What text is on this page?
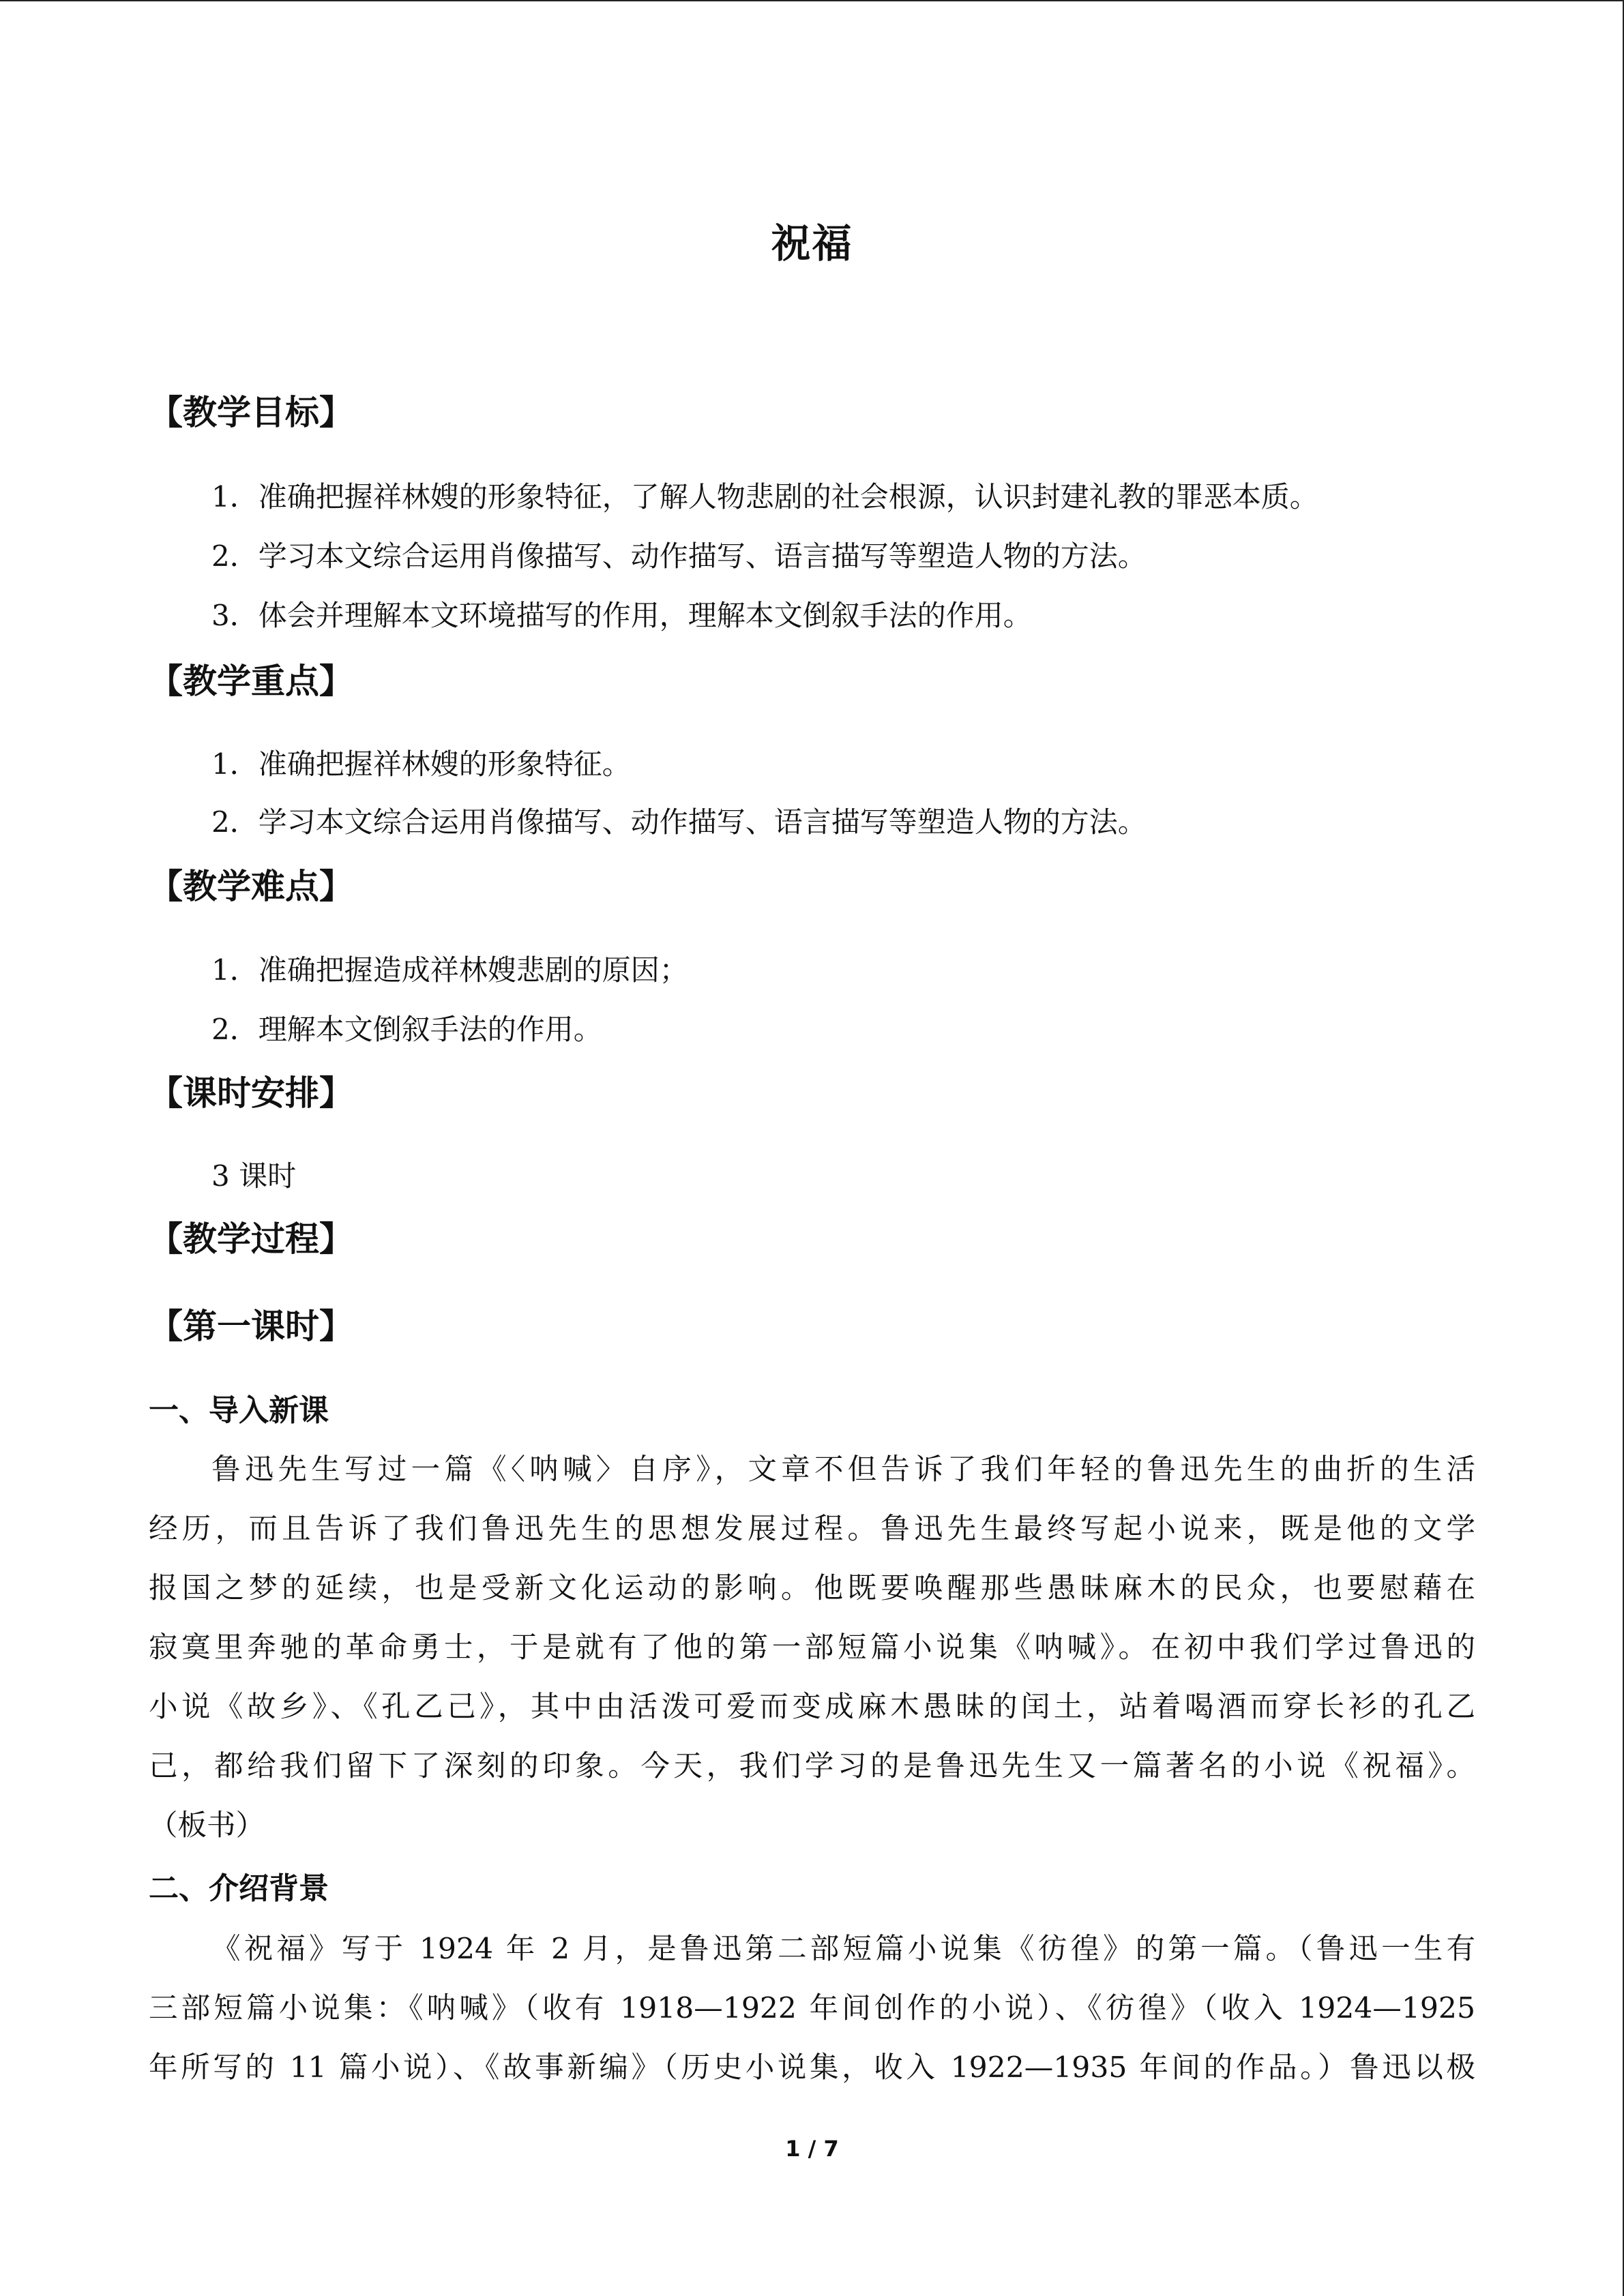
祝福
【教学目标】
1．准确把握祥林嫂的形象特征，了解人物悲剧的社会根源，认识封建礼教的罪恶本质。
2．学习本文综合运用肖像描写、动作描写、语言描写等塑造人物的方法。
3．体会并理解本文环境描写的作用，理解本文倒叙手法的作用。
【教学重点】
1．准确把握祥林嫂的形象特征。
2．学习本文综合运用肖像描写、动作描写、语言描写等塑造人物的方法。
【教学难点】
1．准确把握造成祥林嫂悲剧的原因；
2．理解本文倒叙手法的作用。
【课时安排】
3 课时
【教学过程】
【第一课时】
一、导入新课
鲁迅先生写过一篇《〈呐喊〉自序》，文章不但告诉了我们年轻的鲁迅先生的曲折的生活
经历，而且告诉了我们鲁迅先生的思想发展过程。鲁迅先生最终写起小说来，既是他的文学
报国之梦的延续，也是受新文化运动的影响。他既要唤醒那些愚昧麻木的民众，也要慰藉在
寂寞里奔驰的革命勇士，于是就有了他的第一部短篇小说集《呐喊》。在初中我们学过鲁迅的
小说《故乡》、《孔乙己》，其中由活泼可爱而变成麻木愚昧的闰土，站着喝酒而穿长衫的孔乙
己，都给我们留下了深刻的印象。今天，我们学习的是鲁迅先生又一篇著名的小说《祝福》。
（板书）
二、介绍背景
《祝福》写于 1924 年 2 月，是鲁迅第二部短篇小说集《彷徨》的第一篇。（鲁迅一生有
三部短篇小说集：《呐喊》（收有 1918—1922 年间创作的小说）、《彷徨》（收入 1924—1925
年所写的 11 篇小说）、《故事新编》（历史小说集，收入 1922—1935 年间的作品。）鲁迅以极
1 / 7
